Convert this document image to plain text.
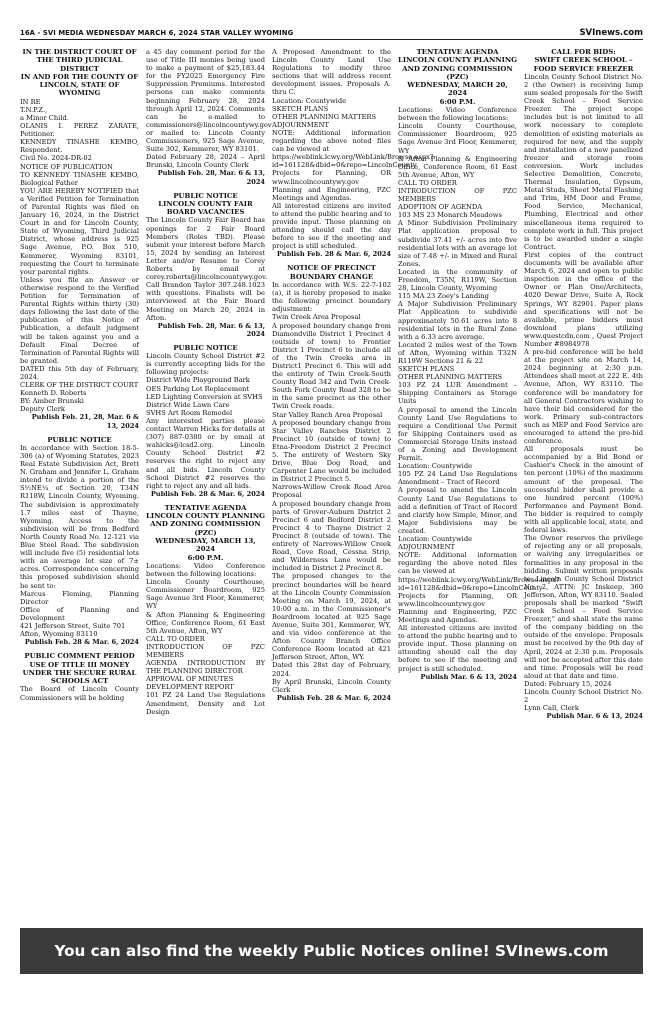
16A - SVI MEDIA WEDNESDAY MARCH 6, 2024 STAR VALLEY WYOMING	SVInews.com
IN THE DISTRICT COURT OF THE THIRD JUDICIAL DISTRICT
IN AND FOR THE COUNTY OF LINCOLN, STATE OF WYOMING
IN RE
T.N.P.Z.,
a Minor Child.
OLANIS I. PEREZ ZARATE, Petitioner.
KENNEDY TINASHE KEMBO, Respondent.
Civil No. 2024-DR-02
NOTICE OF PUBLICATION
TO KENNEDY TINASHE KEMBO, Biological Father
YOU ARE HEREBY NOTIFIED that a Verified Petition for Termination of Parental Rights was filed on January 16, 2024, in the District Court in and for Lincoln County, State of Wyoming, Third Judicial District, whose address is 925 Sage Avenue, P.O. Box 510, Kemmerer, Wyoming 83101, requesting the Court to terminate your parental rights.
Unless you file an Answer or otherwise respond to the Verified Petition for Termination of Parental Rights within thirty (30) days following the last date of the publication of this Notice of Publication, a default judgment will be taken against you and a Default Final Decree of Termination of Parental Rights will be granted.
DATED this 5th day of February, 2024.
CLERK OF THE DISTRICT COURT
Kenneth D. Roberts
BY: Amber Brunski
Deputy Clerk
Publish Feb. 21, 28, Mar. 6 & 13, 2024
PUBLIC NOTICE
In accordance with Section 18-5-306 (a) of Wyoming Statutes, 2023 Real Estate Subdivision Act, Brett N. Graham and Jennifer L. Graham intend to divide a portion of the S½NE¼ of Section 20, T34N R118W, Lincoln County, Wyoming. The subdivision is approximately 1.7 miles east of Thayne, Wyoming. Access to the subdivision will be from Bedford North County Road No. 12-121 via Blue Steel Road. The subdivision will include five (5) residential lots with an average lot size of 7± acres. Correspondence concerning this proposed subdivision should be sent to:
Marcus Fleming, Planning Director
Office of Planning and Development
421 Jefferson Street, Suite 701
Afton, Wyoming 83110
Publish Feb. 28 & Mar. 6, 2024
PUBLIC COMMENT PERIOD USE OF TITLE III MONEY UNDER THE SECURE RURAL SCHOOLS ACT
The Board of Lincoln County Commissioners will be holding
a 45 day comment period for the use of Title III monies being used to make a payment of $25,183.44 for the FY2025 Emergency Fire Suppression Premiums. Interested persons can make comments beginning February 28, 2024 through April 12, 2024. Comments can be e-mailed to commissioners@lincolncountywy.gov or mailed to: Lincoln County Commissioners, 925 Sage Avenue, Suite 302, Kemmerer, WY 83101.
Dated February 28, 2024 – April Brunski, Lincoln County Clerk
Publish Feb. 28, Mar. 6 & 13, 2024
PUBLIC NOTICE
LINCOLN COUNTY FAIR BOARD VACANCIES
The Lincoln County Fair Board has openings for 2 Fair Board Members (Roles TBD). Please submit your interest before March 15, 2024 by sending an Interest Letter and/or Resume to Corey Roberts by email at corey.roberts@lincolncountywy.gov. Call Brandon Taylor 307.248.1023 with questions. Finalists will be interviewed at the Fair Board Meeting on March 20, 2024 in Afton.
Publish Feb. 28, Mar. 6 & 13, 2024
PUBLIC NOTICE
Lincoln County School District #2 is currently accepting bids for the following projects:
District Wide Playground Bark
OES Parking Lot Replacement
LED Lighting Conversion at SVHS
District Wide Lawn Care
SVHS Art Room Remodel
Any interested parties please contact Warren Hicks for details at (307) 887-0380 or by email at wahicks@lcsd2.org. Lincoln County School District #2 reserves the right to reject any and all bids. Lincoln County School District #2 reserves the right to reject any and all bids.
Publish Feb. 28 & Mar. 6, 2024
TENTATIVE AGENDA
LINCOLN COUNTY PLANNING AND ZONING COMMISSION (PZC)
WEDNESDAY, MARCH 13, 2024
6:00 P.M.
Locations: Video Conference between the following locations:
Lincoln County Courthouse, Commissioner Boardroom, 925 Sage Avenue 3rd Floor, Kemmerer, WY
& Afton Planning & Engineering Office, Conference Room, 61 East 5th Avenue, Afton, WY
CALL TO ORDER
INTRODUCTION OF PZC MEMBERS
AGENDA INTRODUCTION BY THE PLANNING DIRECTOR
APPROVAL OF MINUTES
DEVELOPMENT REPORT
101 PZ 24 Land Use Regulations Amendment, Density and Lot Design
A Proposed Amendment to the Lincoln County Land Use Regulations to modify three sections that will address recent development issues. Proposals A. thru C.
Location: Countywide
SKETCH PLANS
OTHER PLANNING MATTERS
ADJOURNMENT
NOTE: Additional information regarding the above noted files can be viewed at
https://weblink.lcwy.org/WebLink/Browse.aspx?id=161128&dbid=0&repo=LincolnCounty
Projects for Planning, OR www.lincolncountywy.gov Planning and Engineering, PZC Meetings and Agendas.
All interested citizens are invited to attend the public hearing and to provide input. Those planning on attending should call the day before to see if the meeting and project is still scheduled.
Publish Feb. 28 & Mar. 6, 2024
NOTICE OF PRECINCT BOUNDARY CHANGE
In accordance with W.S. 22-7-102 (a), it is hereby proposed to make the following precinct boundary adjustment:
Twin Creek Area Proposal
A proposed boundary change from Diamondville District 1 Precinct 4 (outside of town) to Frontier District 1 Precinct 6 to include all of the Twin Creeks area in District1 Precinct 6. This will add the entirety of Twin Creek-South County Road 342 and Twin Creek-South Fork County Road 328 to be in the same precinct as the other Twin Creek roads.
Star Valley Ranch Area Proposal
A proposed boundary change from Star Valley Ranches District 2 Precinct 10 (outside of town) to Etna-Freedom District 2 Precinct 5. The entirety of Western Sky Drive, Blue Dog Road, and Carpenter Lane would be included in District 2 Precinct 5.
Narrows-Willow Creek Road Area Proposal
A proposed boundary change from parts of Grover-Auburn District 2 Precinct 6 and Bedford District 2 Precinct 4 to Thayne District 2 Precinct 8 (outside of town). The entirety of Narrows-Willow Creek Road, Cove Road, Cessna Strip, and Wilderness Lane would be included in District 2 Precinct 8.
The proposed changes to the precinct boundaries will be heard at the Lincoln County Commission Meeting on March 19, 2024, at 10:00 a.m. in the Commissioner's Boardroom located at 925 Sage Avenue, Suite 301, Kemmerer, WY, and via video conference at the Afton County Branch Office Conference Room located at 421 Jefferson Street, Afton, WY.
Dated this 28st day of February, 2024.
By April Brunski, Lincoln County Clerk
Publish Feb. 28 & Mar. 6, 2024
TENTATIVE AGENDA
LINCOLN COUNTY PLANNING AND ZONING COMMISSION (PZC)
WEDNESDAY, MARCH 20, 2024
6:00 P.M.
Locations: Video Conference between the following locations:
Lincoln County Courthouse, Commissioner Boardroom, 925 Sage Avenue 3rd Floor, Kemmerer, WY
& Afton Planning & Engineering Office, Conference Room, 61 East 5th Avenue, Afton, WY
CALL TO ORDER
INTRODUCTION OF PZC MEMBERS
ADOPTION OF AGENDA
103 MS 23 Monarch Meadows
A Minor Subdivision Preliminary Plat application proposal to subdivide 37.41 +/- acres into five residential lots with an average lot size of 7.48 +/- in Mixed and Rural Zones.
Located in the community of Freedom, T35N, R119W, Section 28, Lincoln County, Wyoming
115 MA 23 Zoey's Landing
A Major Subdivision Preliminary Plat Application to subdivide approximately 50.61 acres into 8 residential lots in the Rural Zone with a 6.33 acre average.
Located 2 miles west of the Town of Afton, Wyoming within T32N R119W Sections 21 & 22
SKETCH PLANS
OTHER PLANNING MATTERS
103 PZ 24 LUR Amendment – Shipping Containers as Storage Units
A proposal to amend the Lincoln County Land Use Regulations to require a Conditional Use Permit for Shipping Containers used as Commercial Storage Units instead of a Zoning and Development Permit.
Location: Countywide
105 PZ 24 Land Use Regulations Amendment – Tract of Record
A proposal to amend the Lincoln County Land Use Regulations to add a definition of Tract of Record and clarify how Simple, Minor, and Major Subdivisions may be created.
Location: Countywide
ADJOURNMENT
NOTE: Additional information regarding the above noted files can be viewed at
https://weblink.lcwy.org/WebLink/Browse.aspx?id=161128&dbid=0&repo=LincolnCounty
Projects for Planning, OR www.lincolncountywy.gov Planning and Engineering, PZC Meetings and Agendas.
All interested citizens are invited to attend the public hearing and to provide input. Those planning on attending should call the day before to see if the meeting and project is still scheduled.
Publish Mar. 6 & 13, 2024
CALL FOR BIDS:
SWIFT CREEK SCHOOL – FOOD SERVICE FREEZER
Lincoln County School District No. 2 (the Owner) is receiving lump sum sealed proposals for the Swift Creek School – Food Service Freezer. The project scope includes but is not limited to all work necessary to complete demolition of existing materials as required for new, and the supply and installation of a new panelized freezer and storage room conversion. Work includes Selective Demolition, Concrete, Thermal Insulation, Gypsum, Metal Studs, Sheet Metal Flashing and Trim, HM Door and Frame, Food Service, Mechanical, Plumbing, Electrical and other miscellaneous items required to complete work in full. This project is to be awarded under a single Contract.
First copies of the contract documents will be available after March 6, 2024 and open to public inspection in the office of the Owner or Plan One/Architects, 4020 Dewar Drive, Suite A, Rock Springs, WY 82901. Paper plans and specifications will not be available, prime bidders must download plans utilizing www.questcdn.com , Quest Project Number #8984978
A pre-bid conference will be held at the project site on March 14, 2024 beginning at 2:30 p.m. Attendees shall meet at 222 E. 4th Avenue, Afton, WY 83110. The conference will be mandatory for all General Contractors wishing to have their bid considered for the work. Primary sub-contractors such as MEP and Food Service are encouraged to attend the pre-bid conference.
All proposals must be accompanied by a Bid Bond or Cashier's Check in the amount of ten percent (10%) of the maximum amount of the proposal. The successful bidder shall provide a one hundred percent (100%) Performance and Payment Bond. The bidder is required to comply with all applicable local, state, and federal laws.
The Owner reserves the privilege of rejecting any or all proposals, or waiving any irregularities or formalities in any proposal in the bidding. Submit written proposals to: Lincoln County School District No. 2, ATTN: JC Inskeep, 360 Jefferson, Afton, WY 83110. Sealed proposals shall be marked "Swift Creek School – Food Service Freezer," and shall state the name of the company bidding on the outside of the envelope. Proposals must be received by the 9th day of April, 2024 at 2:30 p.m. Proposals will not be accepted after this date and time. Proposals will be read aloud at that date and time.
Dated: February 15, 2024
Lincoln County School District No. 2
Lynn Call, Clerk
Publish Mar. 6 & 13, 2024
You can also find the weekly Public Notices online! SVInews.com
